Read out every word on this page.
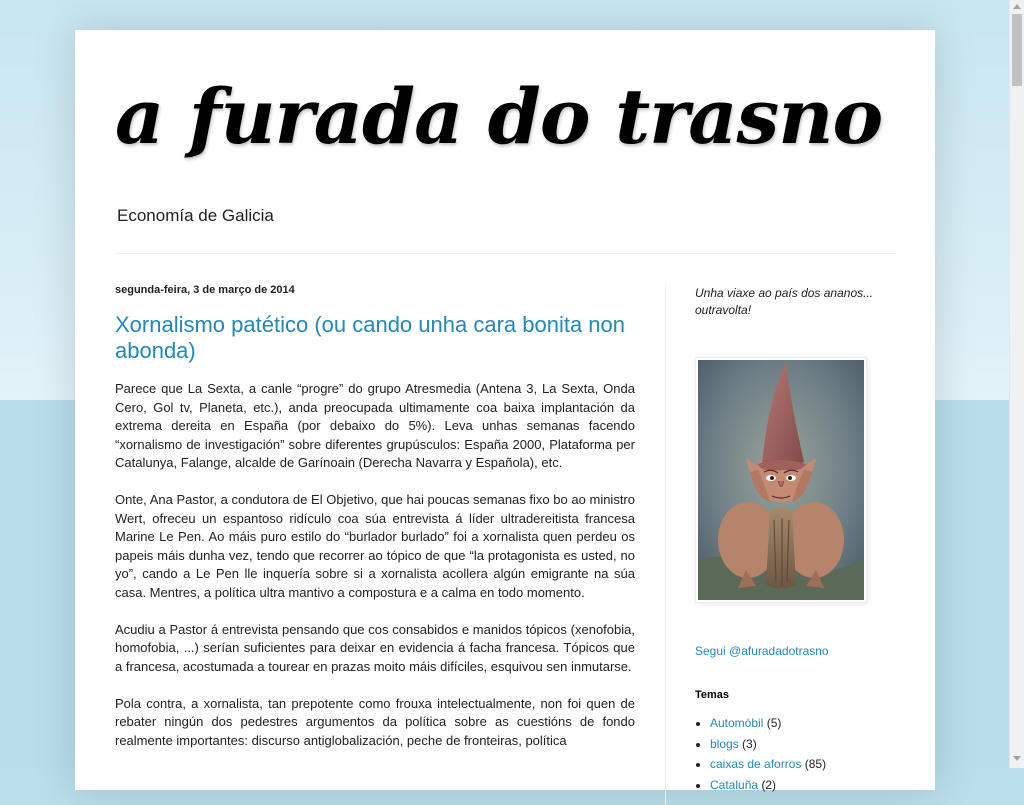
a furada do trasno
Economía de Galicia
segunda-feira, 3 de março de 2014
Xornalismo patético (ou cando unha cara bonita non abonda)

Parece que La Sexta, a canle “progre” do grupo Atresmedia (Antena 3, La Sexta, Onda Cero, Gol tv, Planeta, etc.), anda preocupada ultimamente coa baixa implantación da extrema dereita en España (por debaixo do 5%). Leva unhas semanas facendo “xornalismo de investigación” sobre diferentes grupúsculos: España 2000, Plataforma per Catalunya, Falange, alcalde de Garínoain (Derecha Navarra y Española), etc.

Onte, Ana Pastor, a condutora de El Objetivo, que hai poucas semanas fixo bo ao ministro Wert, ofreceu un espantoso ridículo coa súa entrevista á líder ultradereitista francesa Marine Le Pen. Ao máis puro estilo do “burlador burlado” foi a xornalista quen perdeu os papeis máis dunha vez, tendo que recorrer ao tópico de que “la protagonista es usted, no yo”, cando a Le Pen lle inquería sobre si a xornalista acollera algún emigrante na súa casa. Mentres, a política ultra mantivo a compostura e a calma en todo momento.

Acudiu a Pastor á entrevista pensando que cos consabidos e manidos tópicos (xenofobia, homofobia, ...) serían suficientes para deixar en evidencia á facha francesa. Tópicos que a francesa, acostumada a tourear en prazas moito máis difíciles, esquivou sen inmutarse.

Pola contra, a xornalista, tan prepotente como frouxa intelectualmente, non foi quen de rebater ningún dos pedestres argumentos da política sobre as cuestións de fondo realmente importantes: discurso antiglobalización, peche de fronteiras, política

Unha viaxe ao país dos ananos... outravolta!

Segui @afuradadotrasno
Temas
• Automóbil (5)
• blogs (3)
• caixas de aforros (85)
• Cataluña (2)
